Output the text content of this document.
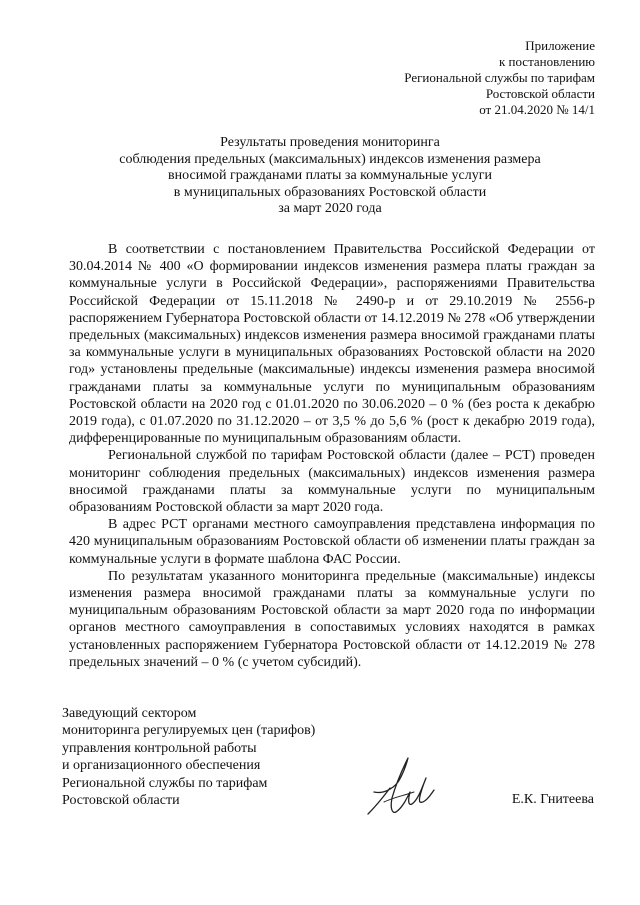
Приложение
к постановлению
Региональной службы по тарифам
Ростовской области
от 21.04.2020 № 14/1
Результаты проведения мониторинга
соблюдения предельных (максимальных) индексов изменения размера
вносимой гражданами платы за коммунальные услуги
в муниципальных образованиях Ростовской области
за март 2020 года

В соответствии с постановлением Правительства Российской Федерации от 30.04.2014 № 400 «О формировании индексов изменения размера платы граждан за коммунальные услуги в Российской Федерации», распоряжениями Правительства Российской Федерации от 15.11.2018 № 2490-р и от 29.10.2019 № 2556-р распоряжением Губернатора Ростовской области от 14.12.2019 № 278 «Об утверждении предельных (максимальных) индексов изменения размера вносимой гражданами платы за коммунальные услуги в муниципальных образованиях Ростовской области на 2020 год» установлены предельные (максимальные) индексы изменения размера вносимой гражданами платы за коммунальные услуги по муниципальным образованиям Ростовской области на 2020 год с 01.01.2020 по 30.06.2020 – 0 % (без роста к декабрю 2019 года), с 01.07.2020 по 31.12.2020 – от 3,5 % до 5,6 % (рост к декабрю 2019 года), дифференцированные по муниципальным образованиям области.

Региональной службой по тарифам Ростовской области (далее – РСТ) проведен мониторинг соблюдения предельных (максимальных) индексов изменения размера вносимой гражданами платы за коммунальные услуги по муниципальным образованиям Ростовской области за март 2020 года.

В адрес РСТ органами местного самоуправления представлена информация по 420 муниципальным образованиям Ростовской области об изменении платы граждан за коммунальные услуги в формате шаблона ФАС России.

По результатам указанного мониторинга предельные (максимальные) индексы изменения размера вносимой гражданами платы за коммунальные услуги по муниципальным образованиям Ростовской области за март 2020 года по информации органов местного самоуправления в сопоставимых условиях находятся в рамках установленных распоряжением Губернатора Ростовской области от 14.12.2019 № 278 предельных значений – 0 % (с учетом субсидий).

Заведующий сектором
мониторинга регулируемых цен (тарифов)
управления контрольной работы
и организационного обеспечения
Региональной службы по тарифам
Ростовской области	Е.К. Гнитеева
